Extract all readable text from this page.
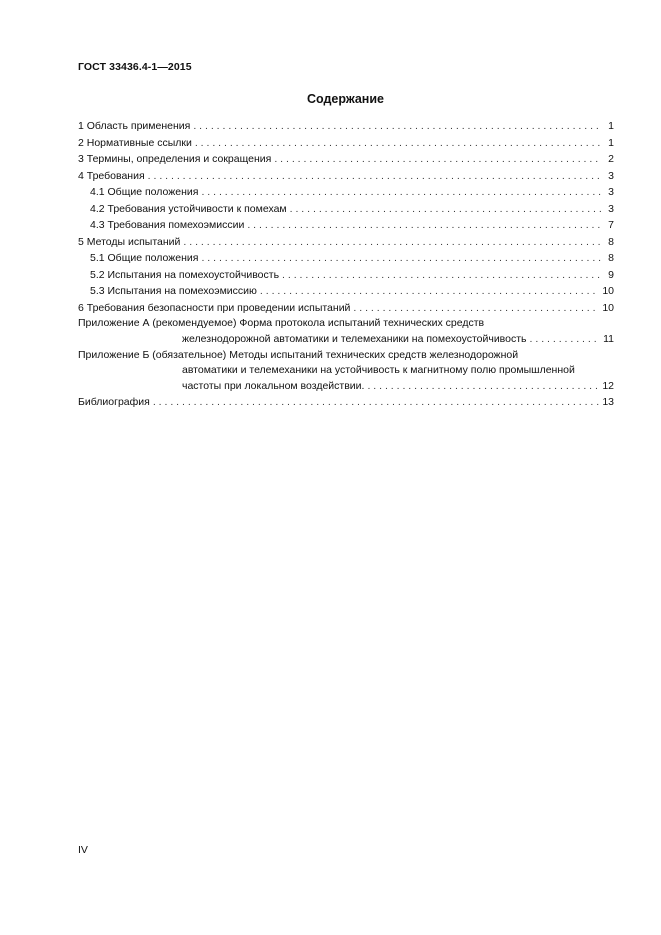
ГОСТ 33436.4-1—2015
Содержание
1 Область применения . . .	1
2 Нормативные ссылки . . .	1
3 Термины, определения и сокращения . . .	2
4 Требования . . .	3
4.1 Общие положения . . .	3
4.2 Требования устойчивости к помехам . . .	3
4.3 Требования помехоэмиссии . . .	7
5 Методы испытаний . . .	8
5.1 Общие положения . . .	8
5.2 Испытания на помехоустойчивость . . .	9
5.3 Испытания на помехоэмиссию . . .	10
6 Требования безопасности при проведении испытаний . . .	10
Приложение А (рекомендуемое) Форма протокола испытаний технических средств
железнодорожной автоматики и телемеханики на помехоустойчивость . . .	11
Приложение Б (обязательное) Методы испытаний технических средств железнодорожной
автоматики и телемеханики на устойчивость к магнитному полю промышленной
частоты при локальном воздействии. . . .	12
Библиография . . .	13
IV
